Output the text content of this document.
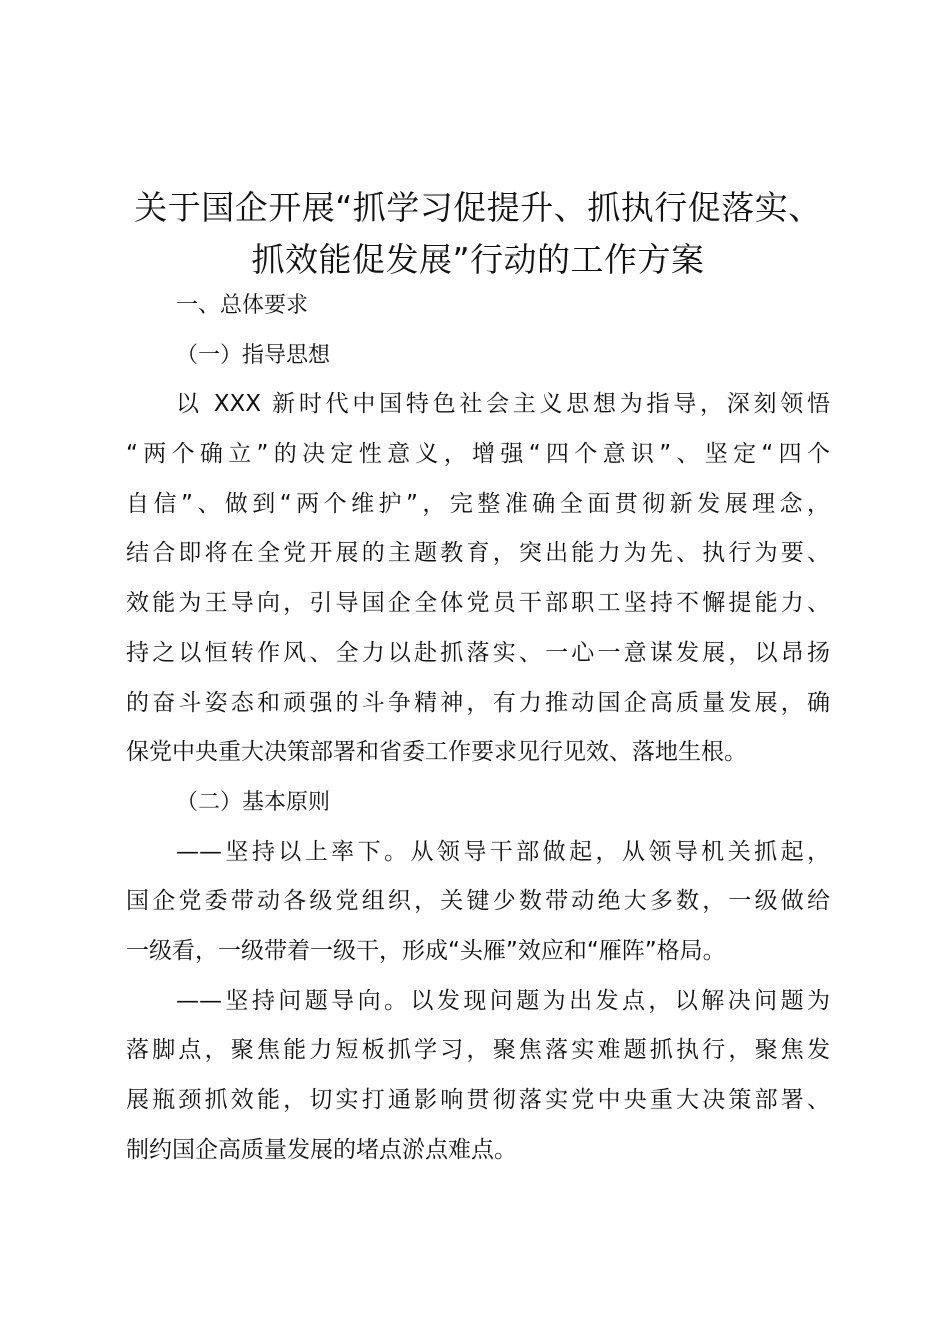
关于国企开展“抓学习促提升、抓执行促落实、
抓效能促发展”行动的工作方案
一、总体要求
（一）指导思想
以 XXX 新时代中国特色社会主义思想为指导，深刻领悟
“两个确立”的决定性意义，增强“四个意识”、坚定“四个
自信”、做到“两个维护”，完整准确全面贯彻新发展理念，
结合即将在全党开展的主题教育，突出能力为先、执行为要、
效能为王导向，引导国企全体党员干部职工坚持不懈提能力、
持之以恒转作风、全力以赴抓落实、一心一意谋发展，以昂扬
的奋斗姿态和顽强的斗争精神，有力推动国企高质量发展，确
保党中央重大决策部署和省委工作要求见行见效、落地生根。
（二）基本原则
——坚持以上率下。从领导干部做起，从领导机关抓起，
国企党委带动各级党组织，关键少数带动绝大多数，一级做给
一级看，一级带着一级干，形成“头雁”效应和“雁阵”格局。
——坚持问题导向。以发现问题为出发点，以解决问题为
落脚点，聚焦能力短板抓学习，聚焦落实难题抓执行，聚焦发
展瓶颈抓效能，切实打通影响贯彻落实党中央重大决策部署、
制约国企高质量发展的堵点淤点难点。
